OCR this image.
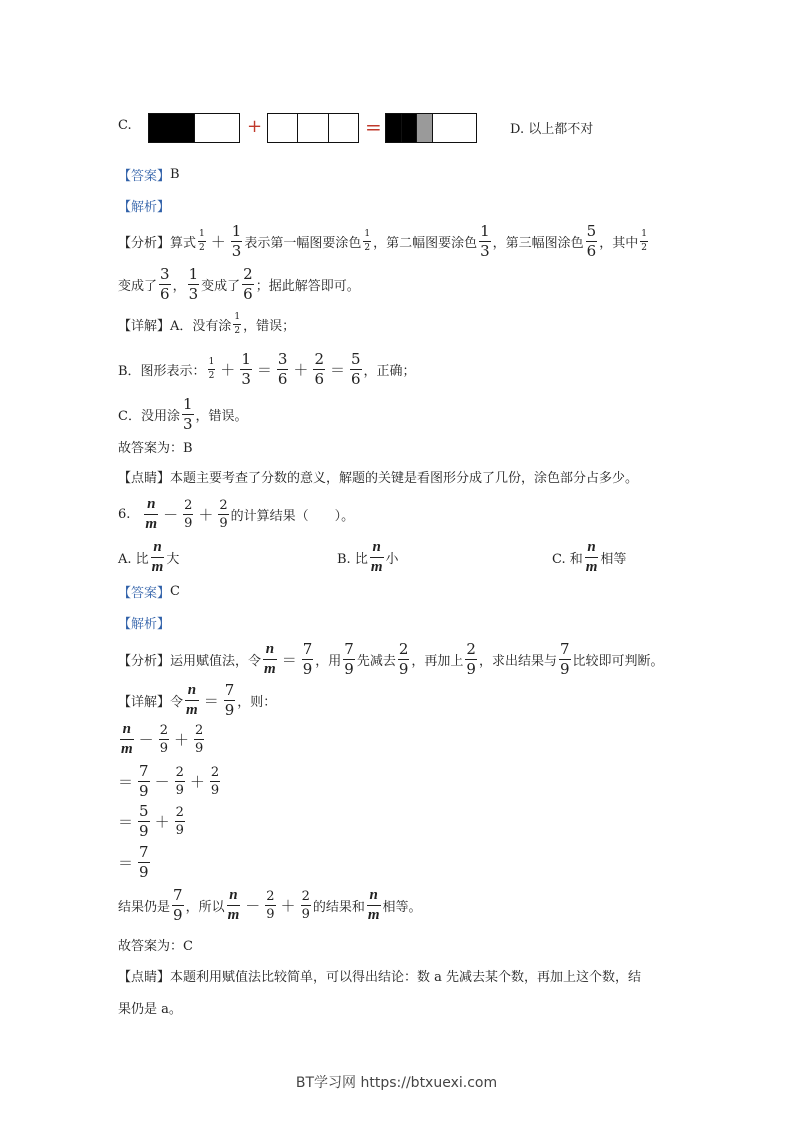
C.	+	=	D. 以上都不对
【答案】 B
【解析】
【分析】 算式 $\frac{1}{2} + \frac{1}{3}$ 表示第一幅图要涂色 $\frac{1}{2}$ ，第二幅图要涂色 $\frac{1}{3}$ ，第三幅图涂色 $\frac{5}{6}$ ，其中 $\frac{1}{2}$
变成了 $\frac{3}{6}$ ， $\frac{1}{3}$ 变成了 $\frac{2}{6}$ ；据此解答即可。
【详解】 A．没有涂 $\frac{1}{2}$ ，错误；
B．图形表示： $\frac{1}{2} + \frac{1}{3} = \frac{3}{6} + \frac{2}{6} = \frac{5}{6}$ ，正确；
C．没用涂 $\frac{1}{3}$ ，错误。
故答案为：B
【点睛】 本题主要考查了分数的意义，解题的关键是看图形分成了几份，涂色部分占多少。
6. $\frac{n}{m} - \frac{2}{9} + \frac{2}{9}$ 的计算结果（　　）。
A. 比 $\frac{n}{m}$ 大	B. 比 $\frac{n}{m}$ 小	C. 和 $\frac{n}{m}$ 相等
【答案】 C
【解析】
【分析】 运用赋值法，令 $\frac{n}{m} = \frac{7}{9}$ ，用 $\frac{7}{9}$ 先减去 $\frac{2}{9}$ ，再加上 $\frac{2}{9}$ ，求出结果与 $\frac{7}{9}$ 比较即可判断。
【详解】 令 $\frac{n}{m} = \frac{7}{9}$ ，则：
$\frac{n}{m} - \frac{2}{9} + \frac{2}{9}$
＝ $\frac{7}{9} - \frac{2}{9} + \frac{2}{9}$
＝ $\frac{5}{9} + \frac{2}{9}$
＝ $\frac{7}{9}$
结果仍是 $\frac{7}{9}$ ，所以 $\frac{n}{m} - \frac{2}{9} + \frac{2}{9}$ 的结果和 $\frac{n}{m}$ 相等。
故答案为：C
【点睛】 本题利用赋值法比较简单，可以得出结论：数 a 先减去某个数，再加上这个数，结
果仍是 a。
BT学习网 https://btxuexi.com
